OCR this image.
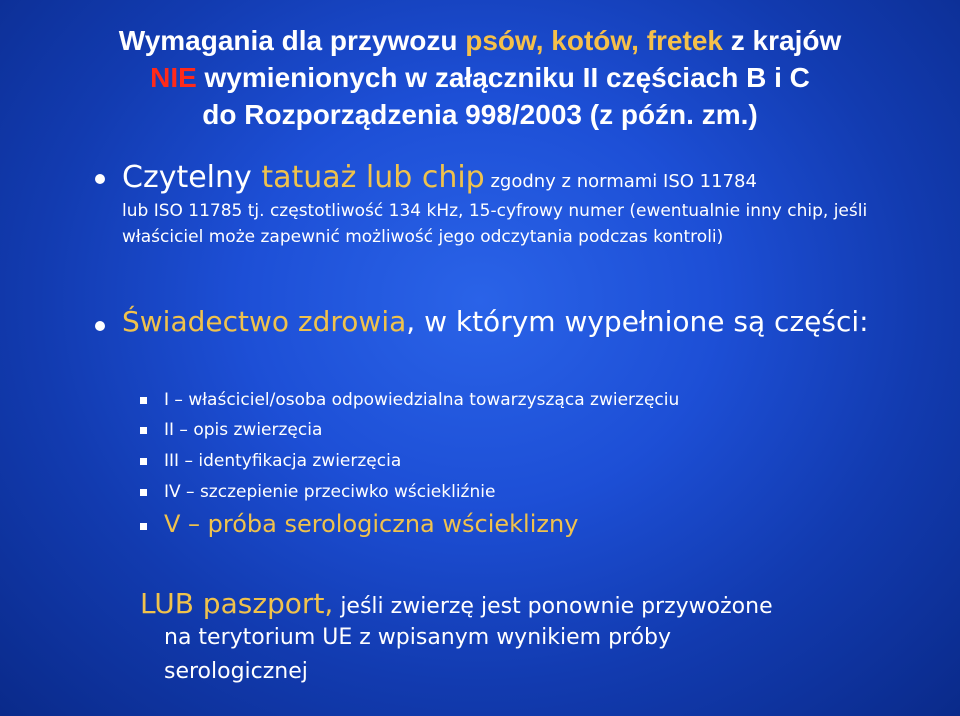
Wymagania dla przywozu psów, kotów, fretek z krajów
NIE wymienionych w załączniku II częściach B i C
do Rozporządzenia 998/2003 (z późn. zm.)
Czytelny tatuaż lub chip zgodny z normami ISO 11784
lub ISO 11785 tj. częstotliwość 134 kHz, 15-cyfrowy numer (ewentualnie inny chip, jeśli właściciel może zapewnić możliwość jego odczytania podczas kontroli)
Świadectwo zdrowia, w którym wypełnione są części:
I – właściciel/osoba odpowiedzialna towarzysząca zwierzęciu
II – opis zwierzęcia
III – identyfikacja zwierzęcia
IV – szczepienie przeciwko wściekliźnie
V – próba serologiczna wścieklizny
LUB paszport, jeśli zwierzę jest ponownie przywożone
na terytorium UE z wpisanym wynikiem próby
serologicznej
